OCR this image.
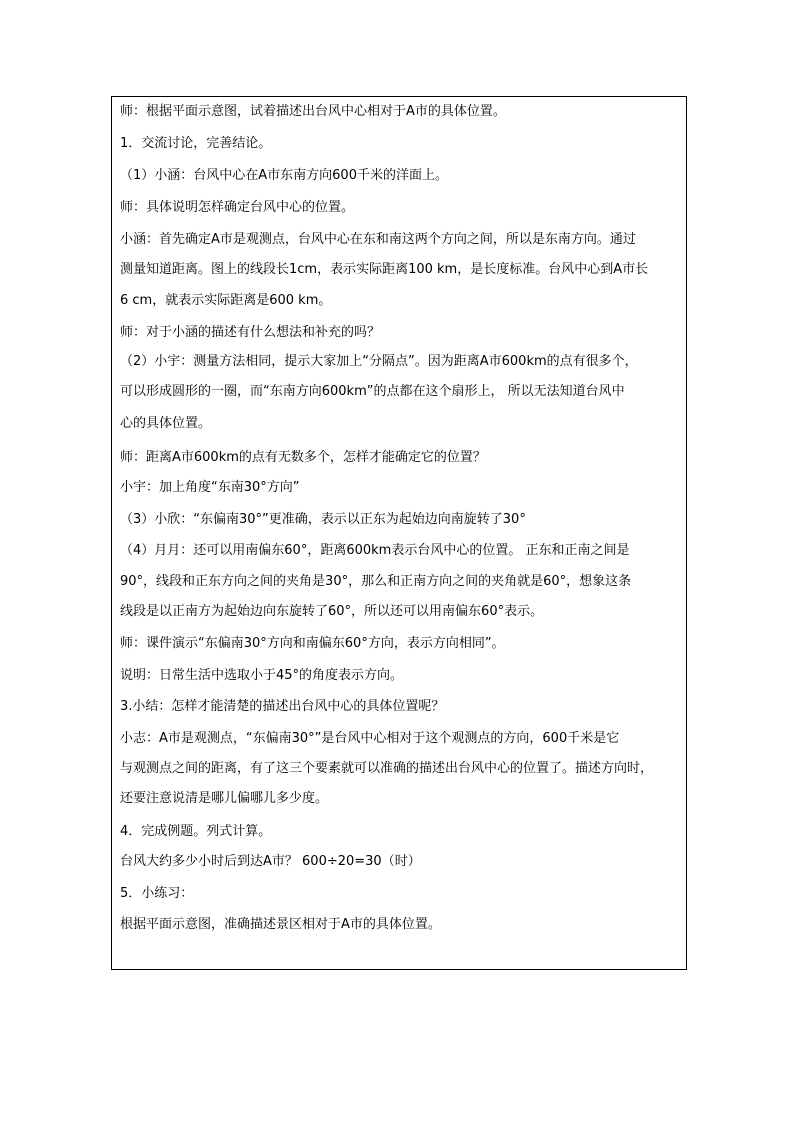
师：根据平面示意图，试着描述出台风中心相对于A市的具体位置。
1．交流讨论，完善结论。
（1）小涵：台风中心在A市东南方向600千米的洋面上。
师：具体说明怎样确定台风中心的位置。
小涵：首先确定A市是观测点，台风中心在东和南这两个方向之间，所以是东南方向。通过
测量知道距离。图上的线段长1cm，表示实际距离100 km，是长度标准。台风中心到A市长
6 cm，就表示实际距离是600 km。
师：对于小涵的描述有什么想法和补充的吗？
（2）小宇：测量方法相同，提示大家加上“分隔点”。因为距离A市600km的点有很多个，
可以形成圆形的一圈，而“东南方向600km”的点都在这个扇形上， 所以无法知道台风中
心的具体位置。
师：距离A市600km的点有无数多个，怎样才能确定它的位置？
小宇：加上角度“东南30°方向”
（3）小欣：“东偏南30°”更准确，表示以正东为起始边向南旋转了30°
（4）月月：还可以用南偏东60°，距离600km表示台风中心的位置。 正东和正南之间是
90°，线段和正东方向之间的夹角是30°，那么和正南方向之间的夹角就是60°，想象这条
线段是以正南方为起始边向东旋转了60°，所以还可以用南偏东60°表示。
师：课件演示“东偏南30°方向和南偏东60°方向，表示方向相同”。
说明：日常生活中选取小于45°的角度表示方向。
3.小结：怎样才能清楚的描述出台风中心的具体位置呢？
小志：A市是观测点，“东偏南30°”是台风中心相对于这个观测点的方向，600千米是它
与观测点之间的距离，有了这三个要素就可以准确的描述出台风中心的位置了。描述方向时，
还要注意说清是哪儿偏哪儿多少度。
4．完成例题。列式计算。
台风大约多少小时后到达A市？ 600÷20=30（时）
5．小练习：
根据平面示意图，准确描述景区相对于A市的具体位置。
